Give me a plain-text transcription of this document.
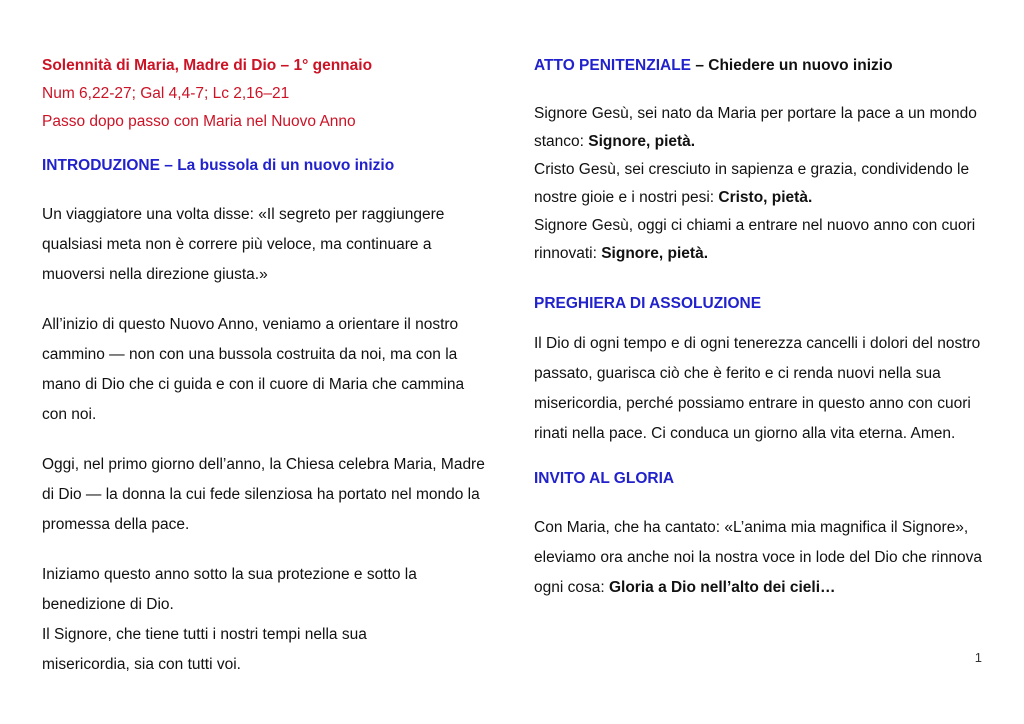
Solennità di Maria, Madre di Dio – 1° gennaio
Num 6,22-27; Gal 4,4-7; Lc 2,16–21
Passo dopo passo con Maria nel Nuovo Anno
INTRODUZIONE – La bussola di un nuovo inizio

Un viaggiatore una volta disse: «Il segreto per raggiungere qualsiasi meta non è correre più veloce, ma continuare a muoversi nella direzione giusta.»

All’inizio di questo Nuovo Anno, veniamo a orientare il nostro cammino — non con una bussola costruita da noi, ma con la mano di Dio che ci guida e con il cuore di Maria che cammina con noi.

Oggi, nel primo giorno dell’anno, la Chiesa celebra Maria, Madre di Dio — la donna la cui fede silenziosa ha portato nel mondo la promessa della pace.

Iniziamo questo anno sotto la sua protezione e sotto la
benedizione di Dio.
Il Signore, che tiene tutti i nostri tempi nella sua
misericordia, sia con tutti voi.
ATTO PENITENZIALE – Chiedere un nuovo inizio

Signore Gesù, sei nato da Maria per portare la pace a un mondo stanco: Signore, pietà.

Cristo Gesù, sei cresciuto in sapienza e grazia, condividendo le nostre gioie e i nostri pesi: Cristo, pietà.

Signore Gesù, oggi ci chiami a entrare nel nuovo anno con cuori rinnovati: Signore, pietà.

PREGHIERA DI ASSOLUZIONE

Il Dio di ogni tempo e di ogni tenerezza cancelli i dolori del nostro passato, guarisca ciò che è ferito e ci renda nuovi nella sua misericordia, perché possiamo entrare in questo anno con cuori rinati nella pace. Ci conduca un giorno alla vita eterna. Amen.

INVITO AL GLORIA

Con Maria, che ha cantato: «L’anima mia magnifica il Signore», eleviamo ora anche noi la nostra voce in lode del Dio che rinnova ogni cosa: Gloria a Dio nell’alto dei cieli…

1
